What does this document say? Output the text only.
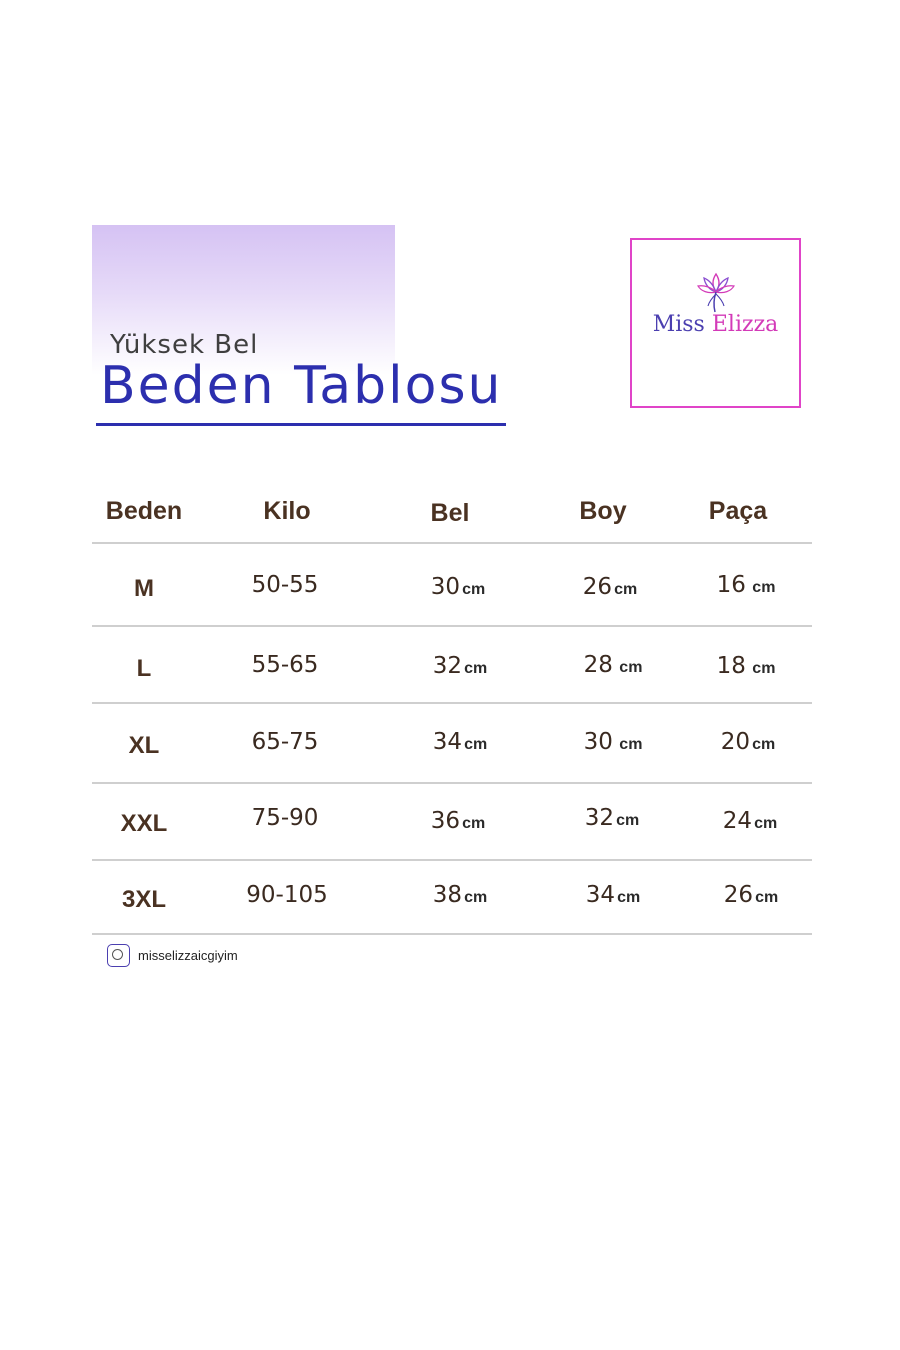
Yüksek Bel
Beden Tablosu
Miss Elizza
Beden	Kilo	Bel	Boy	Paça
M	50-55	30 cm	26 cm	16 cm
L	55-65	32 cm	28 cm	18 cm
XL	65-75	34 cm	30 cm	20 cm
XXL	75-90	36 cm	32 cm	24 cm
3XL	90-105	38 cm	34 cm	26 cm
misselizzaicgiyim
